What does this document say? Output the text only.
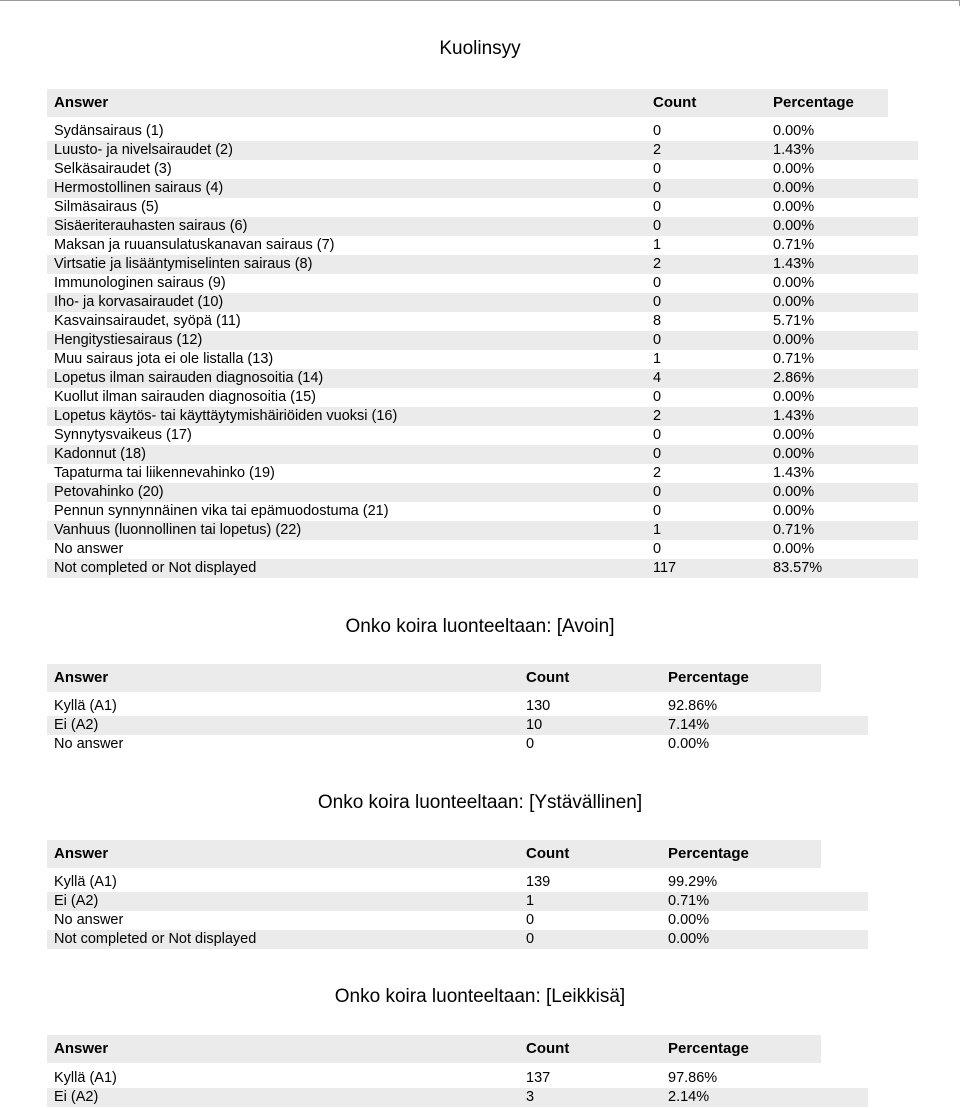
Kuolinsyy
Answer	Count	Percentage
Sydänsairaus (1)	0	0.00%
Luusto- ja nivelsairaudet (2)	2	1.43%
Selkäsairaudet (3)	0	0.00%
Hermostollinen sairaus (4)	0	0.00%
Silmäsairaus (5)	0	0.00%
Sisäeriterauhasten sairaus (6)	0	0.00%
Maksan ja ruuansulatuskanavan sairaus (7)	1	0.71%
Virtsatie ja lisääntymiselinten sairaus (8)	2	1.43%
Immunologinen sairaus (9)	0	0.00%
Iho- ja korvasairaudet (10)	0	0.00%
Kasvainsairaudet, syöpä (11)	8	5.71%
Hengitystiesairaus (12)	0	0.00%
Muu sairaus jota ei ole listalla (13)	1	0.71%
Lopetus ilman sairauden diagnosoitia (14)	4	2.86%
Kuollut ilman sairauden diagnosoitia (15)	0	0.00%
Lopetus käytös- tai käyttäytymishäiriöiden vuoksi (16)	2	1.43%
Synnytysvaikeus (17)	0	0.00%
Kadonnut (18)	0	0.00%
Tapaturma tai liikennevahinko (19)	2	1.43%
Petovahinko (20)	0	0.00%
Pennun synnynnäinen vika tai epämuodostuma (21)	0	0.00%
Vanhuus (luonnollinen tai lopetus) (22)	1	0.71%
No answer	0	0.00%
Not completed or Not displayed	117	83.57%
Onko koira luonteeltaan: [Avoin]
Answer	Count	Percentage
Kyllä (A1)	130	92.86%
Ei (A2)	10	7.14%
No answer	0	0.00%
Onko koira luonteeltaan: [Ystävällinen]
Answer	Count	Percentage
Kyllä (A1)	139	99.29%
Ei (A2)	1	0.71%
No answer	0	0.00%
Not completed or Not displayed	0	0.00%
Onko koira luonteeltaan: [Leikkisä]
Answer	Count	Percentage
Kyllä (A1)	137	97.86%
Ei (A2)	3	2.14%
